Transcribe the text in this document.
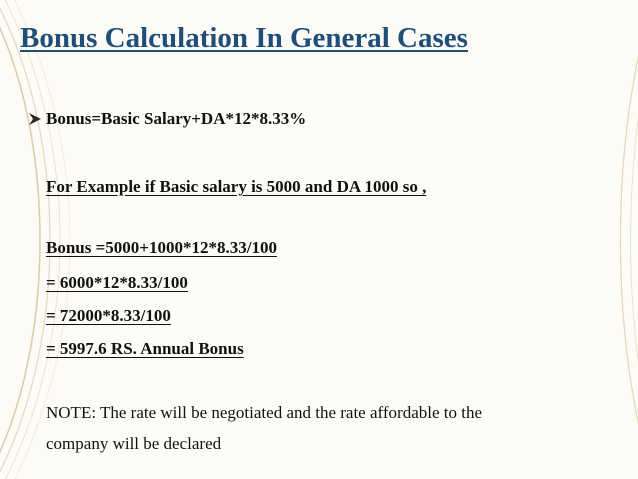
Bonus Calculation In General Cases
Bonus=Basic Salary+DA*12*8.33%
For Example if Basic salary is 5000 and DA 1000 so ,
Bonus =5000+1000*12*8.33/100
= 6000*12*8.33/100
= 72000*8.33/100
= 5997.6 RS. Annual Bonus
NOTE: The rate will be negotiated and the rate affordable to the
company will be declared
